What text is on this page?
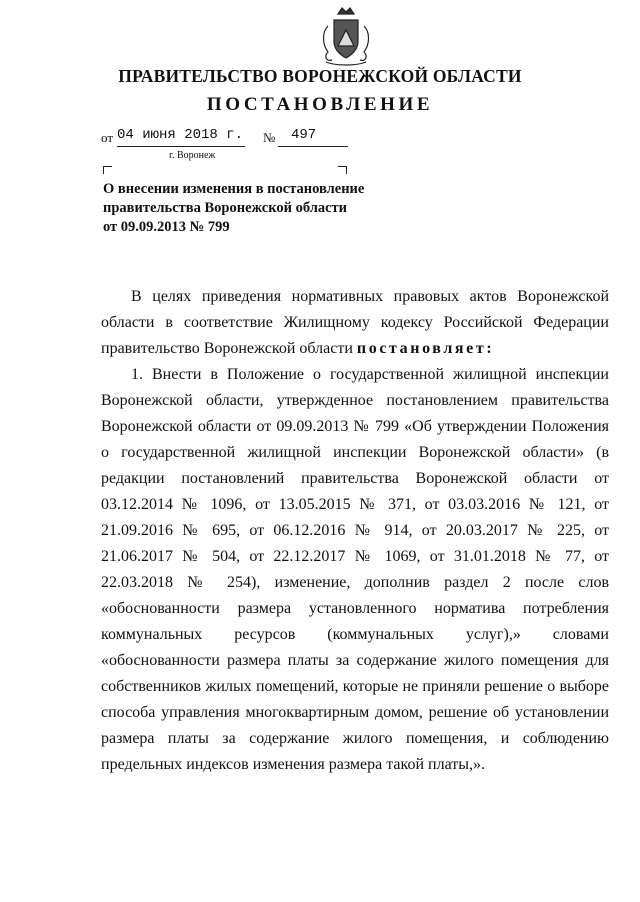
ПРАВИТЕЛЬСТВО ВОРОНЕЖСКОЙ ОБЛАСТИ
ПОСТАНОВЛЕНИЕ
от 04 июня 2018 г. № 497
г. Воронеж
О внесении изменения в постановление
правительства Воронежской области
от 09.09.2013 № 799

В целях приведения нормативных правовых актов Воронежской области в соответствие Жилищному кодексу Российской Федерации правительство Воронежской области постановляет:

1. Внести в Положение о государственной жилищной инспекции Воронежской области, утвержденное постановлением правительства Воронежской области от 09.09.2013 № 799 «Об утверждении Положения о государственной жилищной инспекции Воронежской области» (в редакции постановлений правительства Воронежской области от 03.12.2014 № 1096, от 13.05.2015 № 371, от 03.03.2016 № 121, от 21.09.2016 № 695, от 06.12.2016 № 914, от 20.03.2017 № 225, от 21.06.2017 № 504, от 22.12.2017 № 1069, от 31.01.2018 № 77, от 22.03.2018 № 254), изменение, дополнив раздел 2 после слов «обоснованности размера установленного норматива потребления коммунальных ресурсов (коммунальных услуг),» словами «обоснованности размера платы за содержание жилого помещения для собственников жилых помещений, которые не приняли решение о выборе способа управления многоквартирным домом, решение об установлении размера платы за содержание жилого помещения, и соблюдению предельных индексов изменения размера такой платы,».
